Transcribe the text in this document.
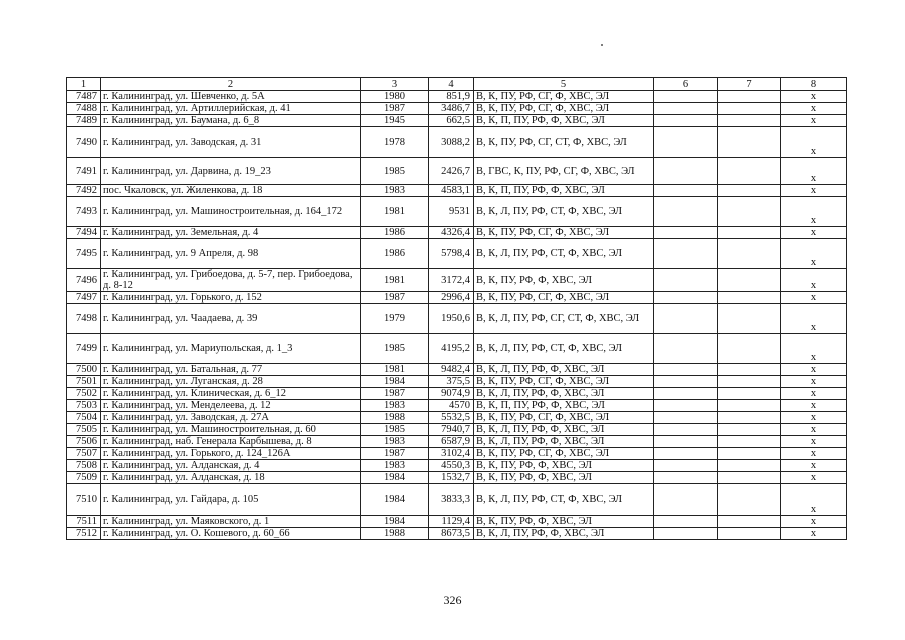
1	2	3	4	5	6	7	8
7487	г. Калининград, ул. Шевченко, д. 5А	1980	851,9	В, К, ПУ, РФ, СГ, Ф, ХВС, ЭЛ			х
7488	г. Калининград, ул. Артиллерийская, д. 41	1987	3486,7	В, К, ПУ, РФ, СГ, Ф, ХВС, ЭЛ			х
7489	г. Калининград, ул. Баумана, д. 6_8	1945	662,5	В, К, П, ПУ, РФ, Ф, ХВС, ЭЛ			х
7490	г. Калининград, ул. Заводская, д. 31	1978	3088,2	В, К, ПУ, РФ, СГ, СТ, Ф, ХВС, ЭЛ			х
7491	г. Калининград, ул. Дарвина, д. 19_23	1985	2426,7	В, ГВС, К, ПУ, РФ, СГ, Ф, ХВС, ЭЛ			х
7492	пос. Чкаловск, ул. Жиленкова, д. 18	1983	4583,1	В, К, П, ПУ, РФ, Ф, ХВС, ЭЛ			х
7493	г. Калининград, ул. Машиностроительная, д. 164_172	1981	9531	В, К, Л, ПУ, РФ, СТ, Ф, ХВС, ЭЛ			х
7494	г. Калининград, ул. Земельная, д. 4	1986	4326,4	В, К, ПУ, РФ, СГ, Ф, ХВС, ЭЛ			х
7495	г. Калининград, ул. 9 Апреля, д. 98	1986	5798,4	В, К, Л, ПУ, РФ, СТ, Ф, ХВС, ЭЛ			х
7496	г. Калининград, ул. Грибоедова, д. 5-7, пер. Грибоедова, д. 8-12	1981	3172,4	В, К, ПУ, РФ, Ф, ХВС, ЭЛ			х
7497	г. Калининград, ул. Горького, д. 152	1987	2996,4	В, К, ПУ, РФ, СГ, Ф, ХВС, ЭЛ			х
7498	г. Калининград, ул. Чаадаева, д. 39	1979	1950,6	В, К, Л, ПУ, РФ, СГ, СТ, Ф, ХВС, ЭЛ			х
7499	г. Калининград, ул. Мариупольская, д. 1_3	1985	4195,2	В, К, Л, ПУ, РФ, СТ, Ф, ХВС, ЭЛ			х
7500	г. Калининград, ул. Батальная, д. 77	1981	9482,4	В, К, Л, ПУ, РФ, Ф, ХВС, ЭЛ			х
7501	г. Калининград, ул. Луганская, д. 28	1984	375,5	В, К, ПУ, РФ, СГ, Ф, ХВС, ЭЛ			х
7502	г. Калининград, ул. Клиническая, д. 6_12	1987	9074,9	В, К, Л, ПУ, РФ, Ф, ХВС, ЭЛ			х
7503	г. Калининград, ул. Менделеева, д. 12	1983	4570	В, К, П, ПУ, РФ, Ф, ХВС, ЭЛ			х
7504	г. Калининград, ул. Заводская, д. 27А	1988	5532,5	В, К, ПУ, РФ, СГ, Ф, ХВС, ЭЛ			х
7505	г. Калининград, ул. Машиностроительная, д. 60	1985	7940,7	В, К, Л, ПУ, РФ, Ф, ХВС, ЭЛ			х
7506	г. Калининград, наб. Генерала Карбышева, д. 8	1983	6587,9	В, К, Л, ПУ, РФ, Ф, ХВС, ЭЛ			х
7507	г. Калининград, ул. Горького, д. 124_126А	1987	3102,4	В, К, ПУ, РФ, СГ, Ф, ХВС, ЭЛ			х
7508	г. Калининград, ул. Алданская, д. 4	1983	4550,3	В, К, ПУ, РФ, Ф, ХВС, ЭЛ			х
7509	г. Калининград, ул. Алданская, д. 18	1984	1532,7	В, К, ПУ, РФ, Ф, ХВС, ЭЛ			х
7510	г. Калининград, ул. Гайдара, д. 105	1984	3833,3	В, К, Л, ПУ, РФ, СТ, Ф, ХВС, ЭЛ			х
7511	г. Калининград, ул. Маяковского, д. 1	1984	1129,4	В, К, ПУ, РФ, Ф, ХВС, ЭЛ			х
7512	г. Калининград, ул. О. Кошевого, д. 60_66	1988	8673,5	В, К, Л, ПУ, РФ, Ф, ХВС, ЭЛ			х
326
